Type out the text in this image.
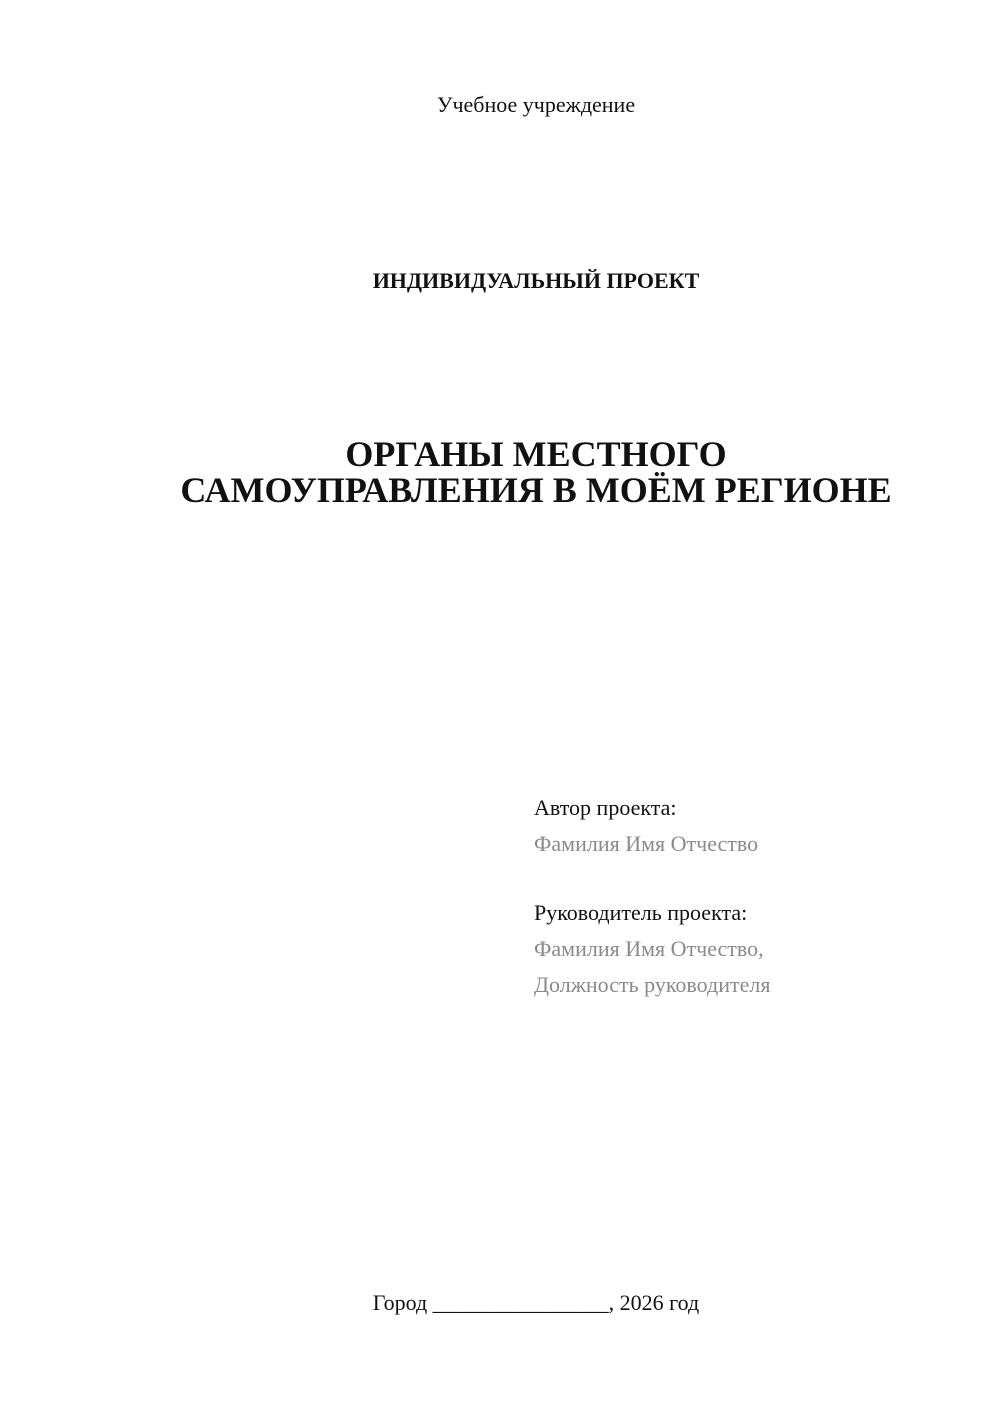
Учебное учреждение
ИНДИВИДУАЛЬНЫЙ ПРОЕКТ
ОРГАНЫ МЕСТНОГО
САМОУПРАВЛЕНИЯ В МОЁМ РЕГИОНЕ
Автор проекта:
Фамилия Имя Отчество
Руководитель проекта:
Фамилия Имя Отчество,
Должность руководителя
Город ________________, 2026 год
